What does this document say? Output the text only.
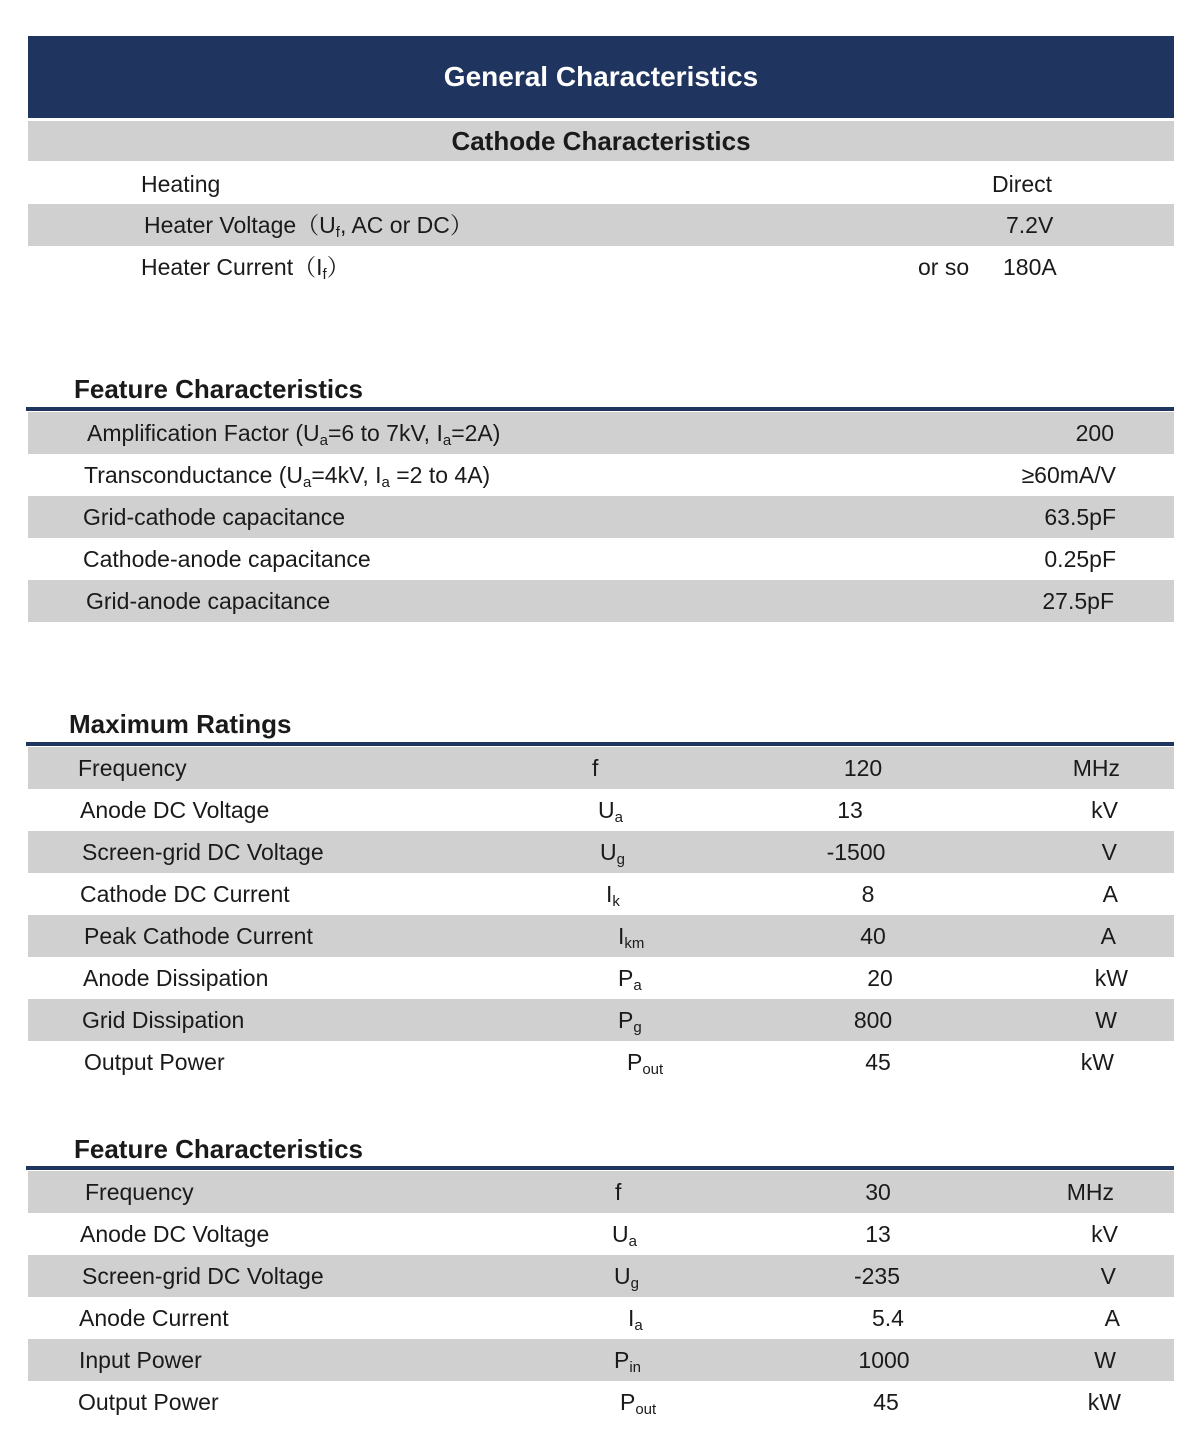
General Characteristics
Cathode Characteristics
Heating	Direct
Heater $Voltage(U_f$, AC or DC）	7.2V
Heater $Current(I_f)$	or so 180A
Feature Characteristics
Amplification Factor ($U_a=6$ to 7kV, $I_a=2A$)	200
Transconductance ($U_a=4kV$, $I_a =2$ to 4A)	≥60mA/V
Grid-cathode capacitance	63.5pF
Cathode-anode capacitance	0.25pF
Grid-anode capacitance	27.5pF
Maximum Ratings
Frequency	f	120	MHz
Anode DC Voltage	$U_a$	13	kV
Screen-grid DC Voltage	$U_g$	-1500	V
Cathode DC Current	$I_k$	8	A
Peak Cathode Current	$I_{km}$	40	A
Anode Dissipation	$P_a$	20	kW
Grid Dissipation	$P_g$	800	W
Output Power	$P_{out}$	45	kW
Feature Characteristics
Frequency	f	30	MHz
Anode DC Voltage	$U_a$	13	kV
Screen-grid DC Voltage	$U_g$	-235	V
Anode Current	$I_a$	5.4	A
Input Power	$P_{in}$	1000	W
Output Power	$P_{out}$	45	kW
